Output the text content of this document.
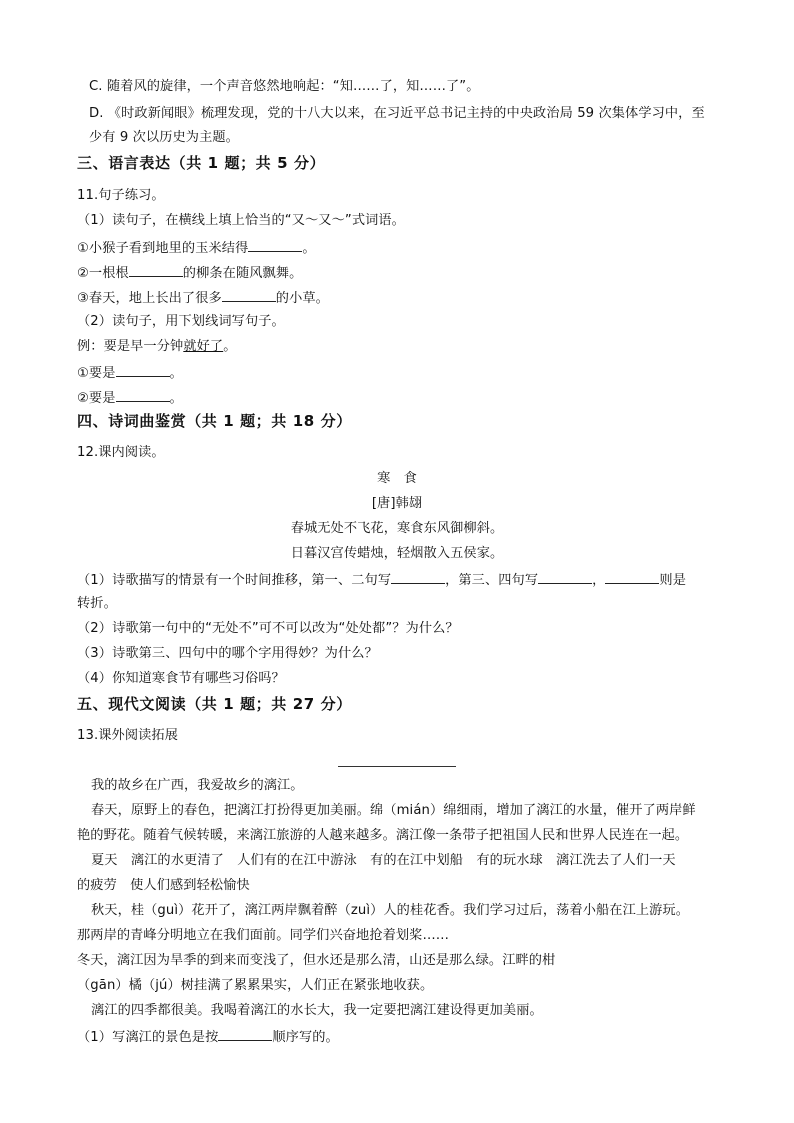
C. 随着风的旋律，一个声音悠然地响起：“知……了，知……了”。
D. 《时政新闻眼》梳理发现，党的十八大以来，在习近平总书记主持的中央政治局 59 次集体学习中，至
少有 9 次以历史为主题。
三、语言表达（共 1 题；共 5 分）
11.句子练习。
（1）读句子，在横线上填上恰当的“又～又～”式词语。
①小猴子看到地里的玉米结得	。
②一根根	的柳条在随风飘舞。
③春天，地上长出了很多	的小草。
（2）读句子，用下划线词写句子。
例：要是早一分钟就好了。
①要是	。
②要是	。
四、诗词曲鉴赏（共 1 题；共 18 分）
12.课内阅读。
寒　食
[唐]韩翃
春城无处不飞花，寒食东风御柳斜。
日暮汉宫传蜡烛，轻烟散入五侯家。
（1）诗歌描写的情景有一个时间推移，第一、二句写	，第三、四句写	，	则是
转折。
（2）诗歌第一句中的“无处不”可不可以改为“处处都”？为什么？
（3）诗歌第三、四句中的哪个字用得妙？为什么？
（4）你知道寒食节有哪些习俗吗？
五、现代文阅读（共 1 题；共 27 分）
13.课外阅读拓展
我的故乡在广西，我爱故乡的漓江。
春天，原野上的春色，把漓江打扮得更加美丽。绵（mián）绵细雨，增加了漓江的水量，催开了两岸鲜
艳的野花。随着气候转暖，来漓江旅游的人越来越多。漓江像一条带子把祖国人民和世界人民连在一起。
夏天　漓江的水更清了　人们有的在江中游泳　有的在江中划船　有的玩水球　漓江洗去了人们一天
的疲劳　使人们感到轻松愉快
秋天，桂（guì）花开了，漓江两岸飘着醉（zuì）人的桂花香。我们学习过后，荡着小船在江上游玩。
那两岸的青峰分明地立在我们面前。同学们兴奋地抢着划桨……
冬天，漓江因为旱季的到来而变浅了，但水还是那么清，山还是那么绿。江畔的柑
（gān）橘（jú）树挂满了累累果实，人们正在紧张地收获。
漓江的四季都很美。我喝着漓江的水长大，我一定要把漓江建设得更加美丽。
（1）写漓江的景色是按	顺序写的。
